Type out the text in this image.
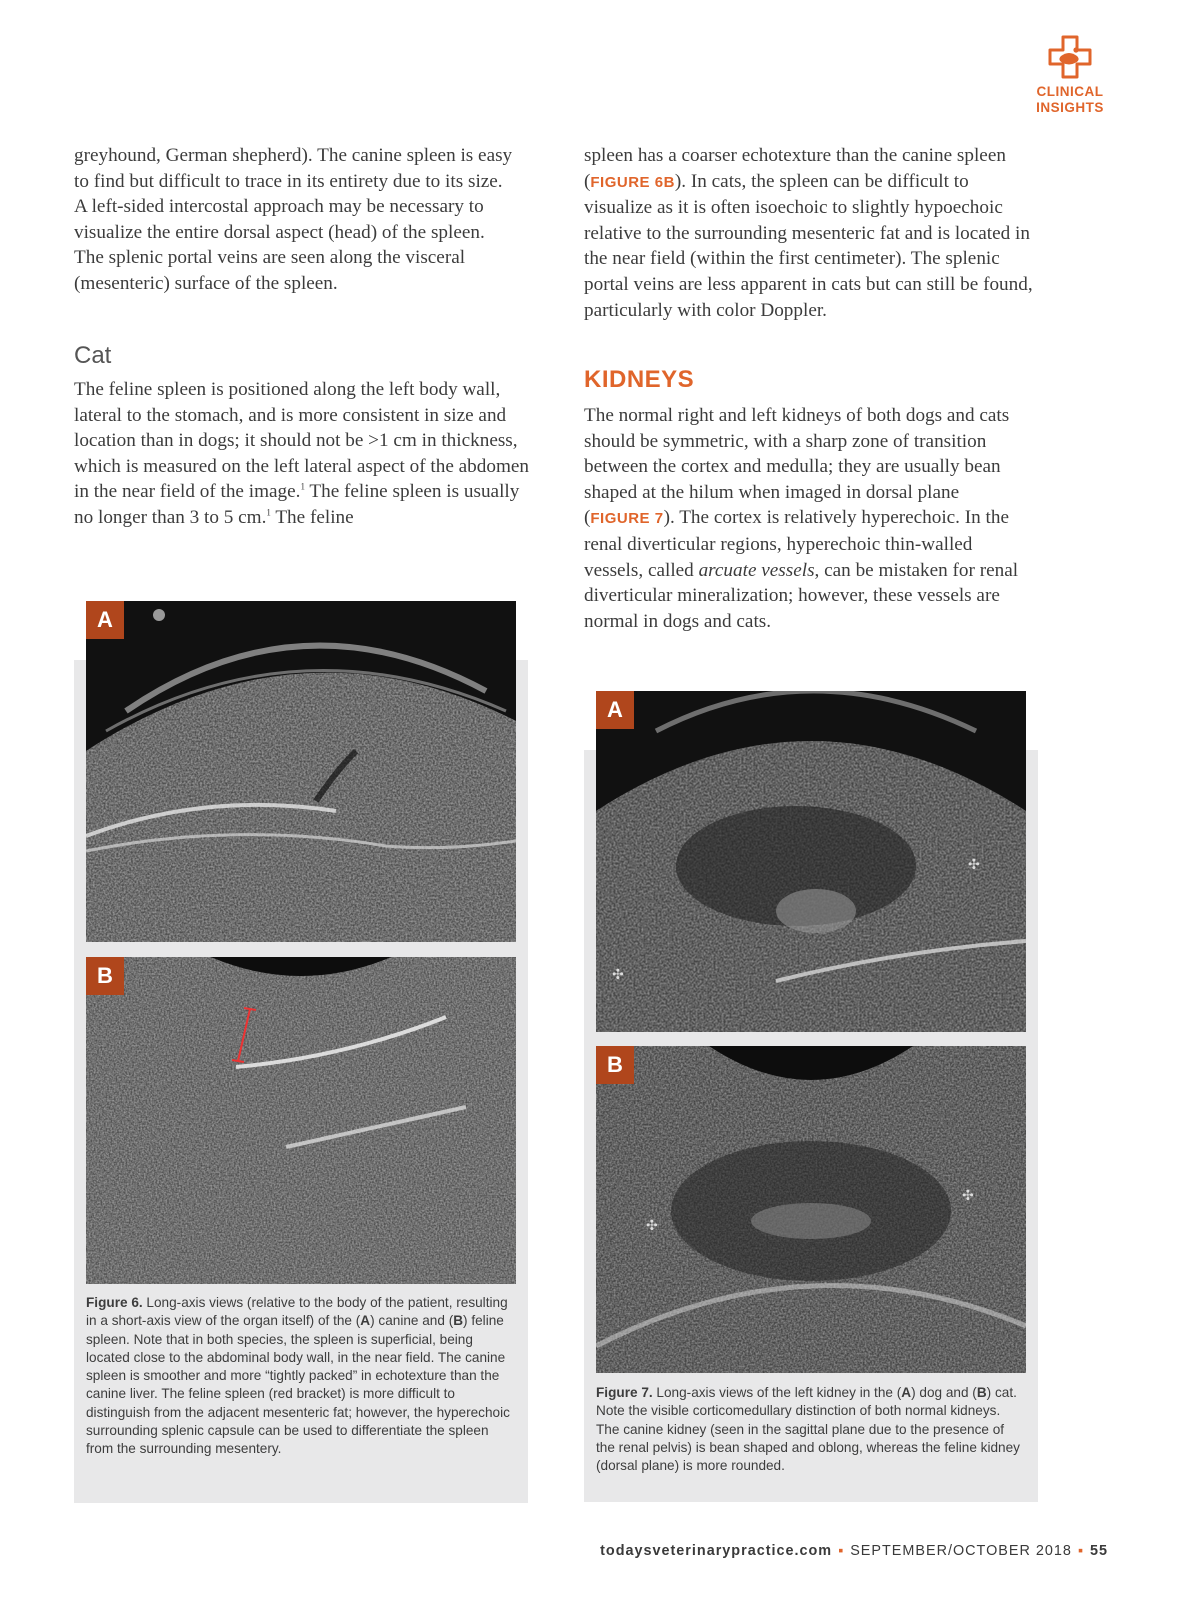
CLINICAL
INSIGHTS

greyhound, German shepherd). The canine spleen is easy to find but difficult to trace in its entirety due to its size. A left-sided intercostal approach may be necessary to visualize the entire dorsal aspect (head) of the spleen. The splenic portal veins are seen along the visceral (mesenteric) surface of the spleen.

Cat

The feline spleen is positioned along the left body wall, lateral to the stomach, and is more consistent in size and location than in dogs; it should not be >1 cm in thickness, which is measured on the left lateral aspect of the abdomen in the near field of the image.$^1$ The feline spleen is usually no longer than 3 to 5 cm.$^1$ The feline

spleen has a coarser echotexture than the canine spleen (FIGURE 6B). In cats, the spleen can be difficult to visualize as it is often isoechoic to slightly hypoechoic relative to the surrounding mesenteric fat and is located in the near field (within the first centimeter). The splenic portal veins are less apparent in cats but can still be found, particularly with color Doppler.

KIDNEYS

The normal right and left kidneys of both dogs and cats should be symmetric, with a sharp zone of transition between the cortex and medulla; they are usually bean shaped at the hilum when imaged in dorsal plane (FIGURE 7). The cortex is relatively hyperechoic. In the renal diverticular regions, hyperechoic thin-walled vessels, called arcuate vessels, can be mistaken for renal diverticular mineralization; however, these vessels are normal in dogs and cats.

A
B

Figure 6. Long-axis views (relative to the body of the patient, resulting in a short-axis view of the organ itself) of the (A) canine and (B) feline spleen. Note that in both species, the spleen is superficial, being located close to the abdominal body wall, in the near field. The canine spleen is smoother and more “tightly packed” in echotexture than the canine liver. The feline spleen (red bracket) is more difficult to distinguish from the adjacent mesenteric fat; however, the hyperechoic surrounding splenic capsule can be used to differentiate the spleen from the surrounding mesentery.

✣
✣
A
✣
✣
B

Figure 7. Long-axis views of the left kidney in the (A) dog and (B) cat. Note the visible corticomedullary distinction of both normal kidneys. The canine kidney (seen in the sagittal plane due to the presence of the renal pelvis) is bean shaped and oblong, whereas the feline kidney (dorsal plane) is more rounded.

todaysveterinarypractice.com ▪ SEPTEMBER/OCTOBER 2018 ▪ 55
